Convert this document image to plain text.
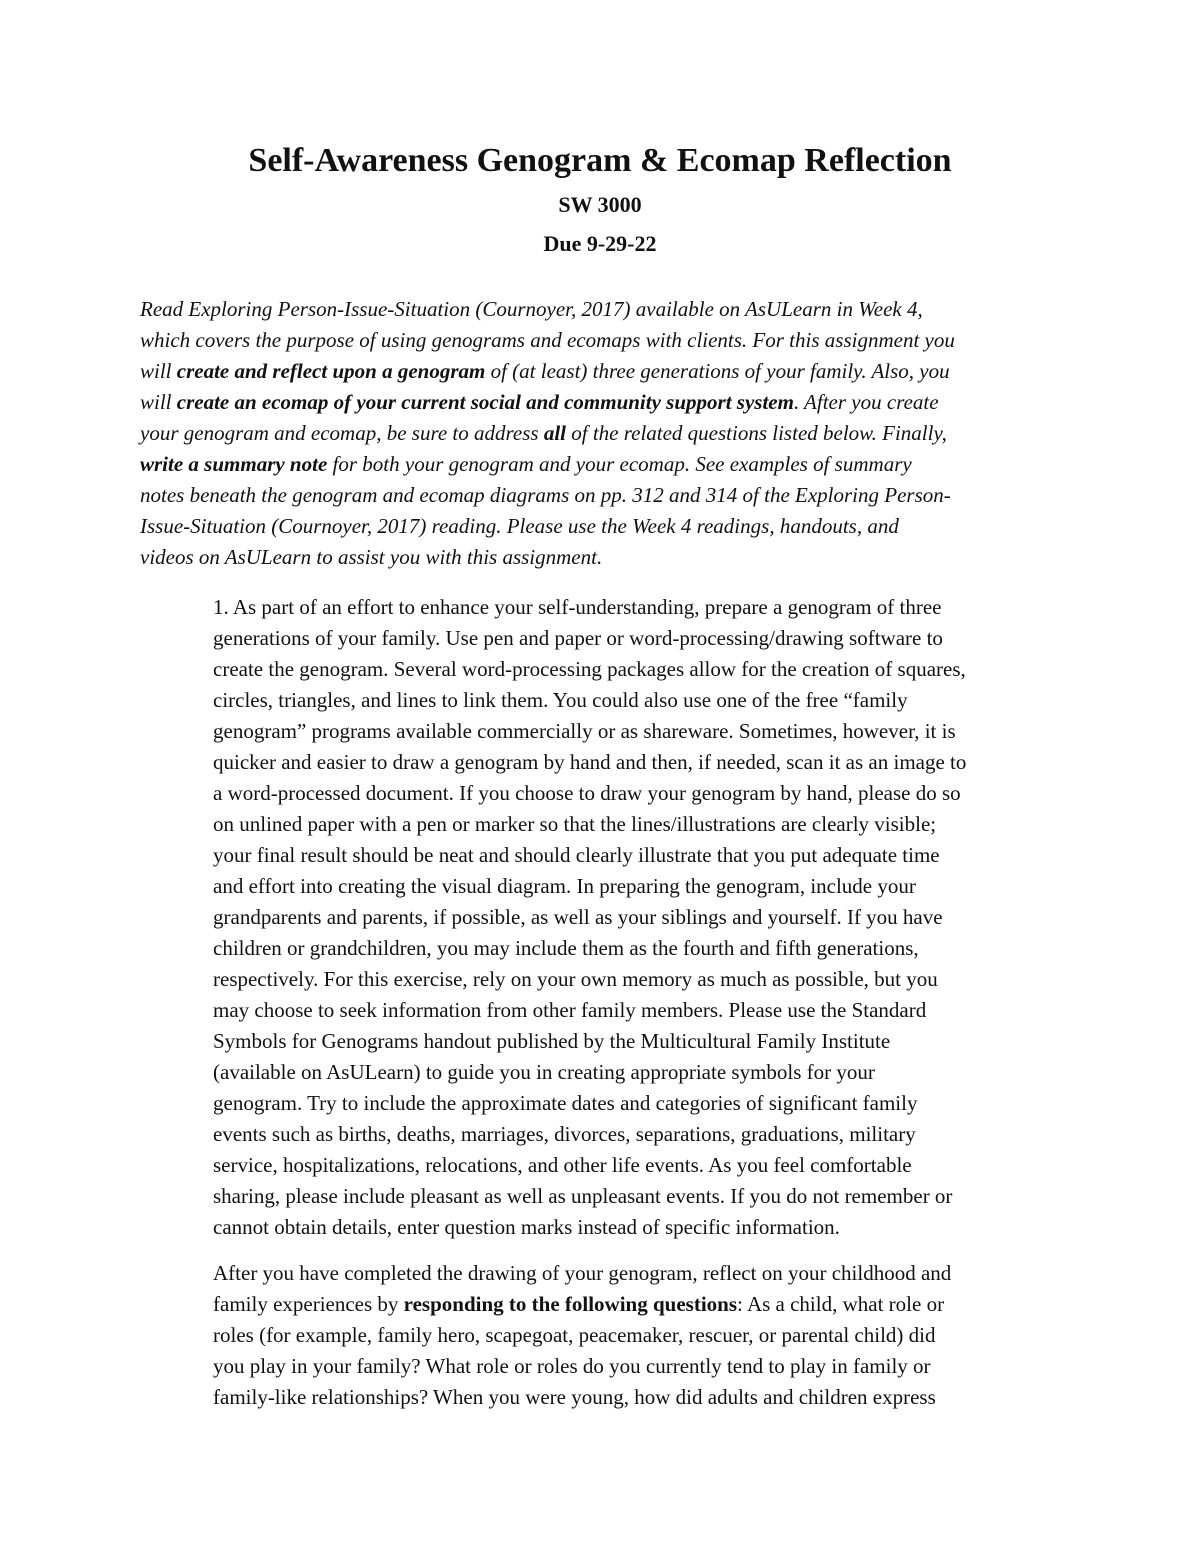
Self-Awareness Genogram & Ecomap Reflection
SW 3000
Due 9-29-22

Read Exploring Person-Issue-Situation (Cournoyer, 2017) available on AsULearn in Week 4,
which covers the purpose of using genograms and ecomaps with clients. For this assignment you
will create and reflect upon a genogram of (at least) three generations of your family. Also, you
will create an ecomap of your current social and community support system. After you create
your genogram and ecomap, be sure to address all of the related questions listed below. Finally,
write a summary note for both your genogram and your ecomap. See examples of summary
notes beneath the genogram and ecomap diagrams on pp. 312 and 314 of the Exploring Person-
Issue-Situation (Cournoyer, 2017) reading. Please use the Week 4 readings, handouts, and
videos on AsULearn to assist you with this assignment.

1. As part of an effort to enhance your self-understanding, prepare a genogram of three
generations of your family. Use pen and paper or word-processing/drawing software to
create the genogram. Several word-processing packages allow for the creation of squares,
circles, triangles, and lines to link them. You could also use one of the free “family
genogram” programs available commercially or as shareware. Sometimes, however, it is
quicker and easier to draw a genogram by hand and then, if needed, scan it as an image to
a word-processed document. If you choose to draw your genogram by hand, please do so
on unlined paper with a pen or marker so that the lines/illustrations are clearly visible;
your final result should be neat and should clearly illustrate that you put adequate time
and effort into creating the visual diagram. In preparing the genogram, include your
grandparents and parents, if possible, as well as your siblings and yourself. If you have
children or grandchildren, you may include them as the fourth and fifth generations,
respectively. For this exercise, rely on your own memory as much as possible, but you
may choose to seek information from other family members. Please use the Standard
Symbols for Genograms handout published by the Multicultural Family Institute
(available on AsULearn) to guide you in creating appropriate symbols for your
genogram. Try to include the approximate dates and categories of significant family
events such as births, deaths, marriages, divorces, separations, graduations, military
service, hospitalizations, relocations, and other life events. As you feel comfortable
sharing, please include pleasant as well as unpleasant events. If you do not remember or
cannot obtain details, enter question marks instead of specific information.

After you have completed the drawing of your genogram, reflect on your childhood and
family experiences by responding to the following questions: As a child, what role or
roles (for example, family hero, scapegoat, peacemaker, rescuer, or parental child) did
you play in your family? What role or roles do you currently tend to play in family or
family-like relationships? When you were young, how did adults and children express
